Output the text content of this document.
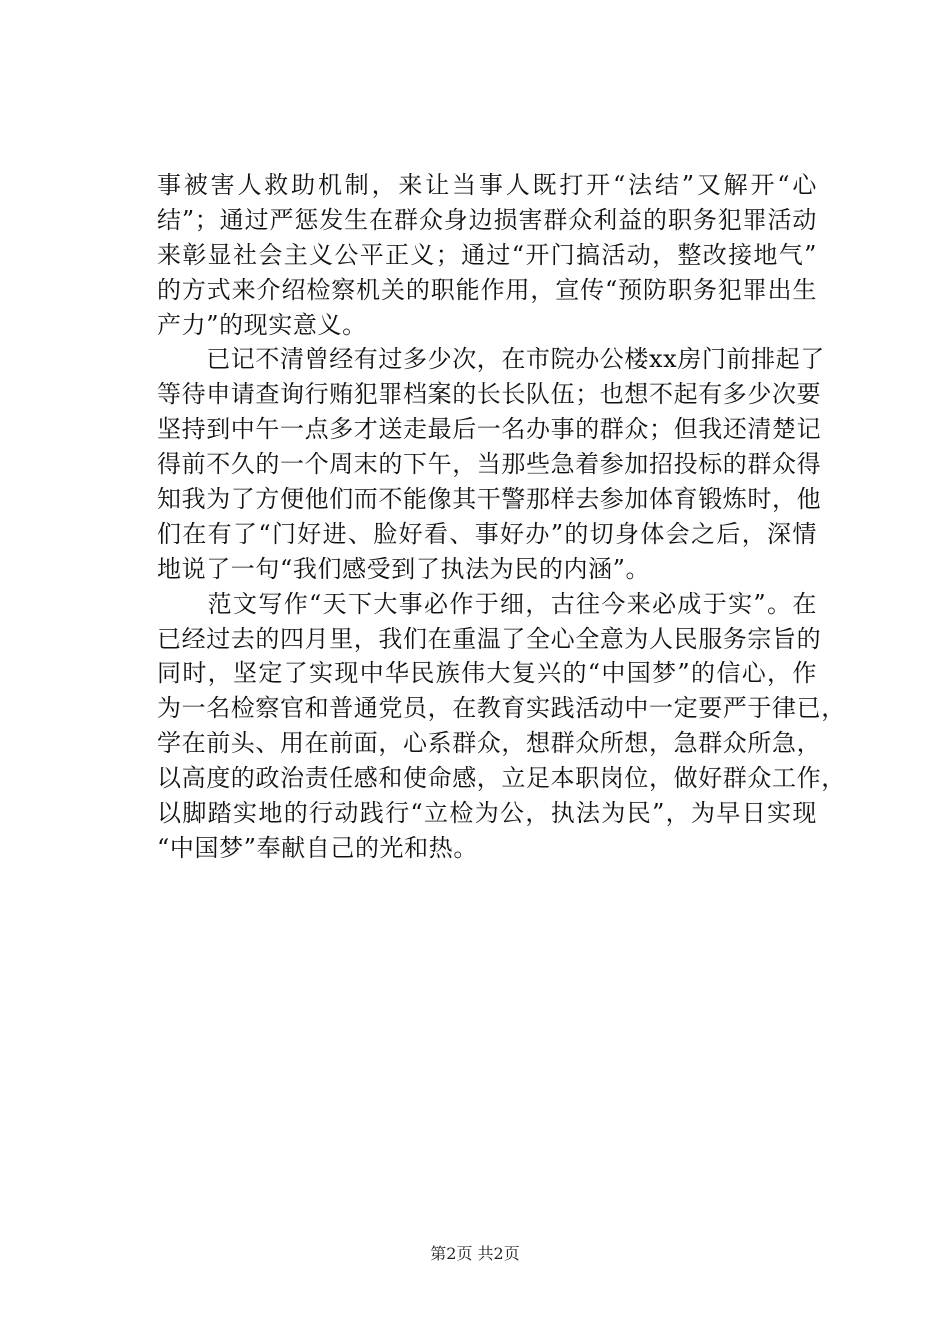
事被害人救助机制，来让当事人既打开“法结”又解开“心
结”；通过严惩发生在群众身边损害群众利益的职务犯罪活动
来彰显社会主义公平正义；通过“开门搞活动，整改接地气”
的方式来介绍检察机关的职能作用，宣传“预防职务犯罪出生
产力”的现实意义。
　　已记不清曾经有过多少次，在市院办公楼xx房门前排起了
等待申请查询行贿犯罪档案的长长队伍；也想不起有多少次要
坚持到中午一点多才送走最后一名办事的群众；但我还清楚记
得前不久的一个周末的下午，当那些急着参加招投标的群众得
知我为了方便他们而不能像其干警那样去参加体育锻炼时，他
们在有了“门好进、脸好看、事好办”的切身体会之后，深情
地说了一句“我们感受到了执法为民的内涵”。
　　范文写作“天下大事必作于细，古往今来必成于实”。在
已经过去的四月里，我们在重温了全心全意为人民服务宗旨的
同时，坚定了实现中华民族伟大复兴的“中国梦”的信心，作
为一名检察官和普通党员，在教育实践活动中一定要严于律已，
学在前头、用在前面，心系群众，想群众所想，急群众所急，
以高度的政治责任感和使命感，立足本职岗位，做好群众工作，
以脚踏实地的行动践行“立检为公，执法为民”，为早日实现
“中国梦”奉献自己的光和热。
第2页 共2页
